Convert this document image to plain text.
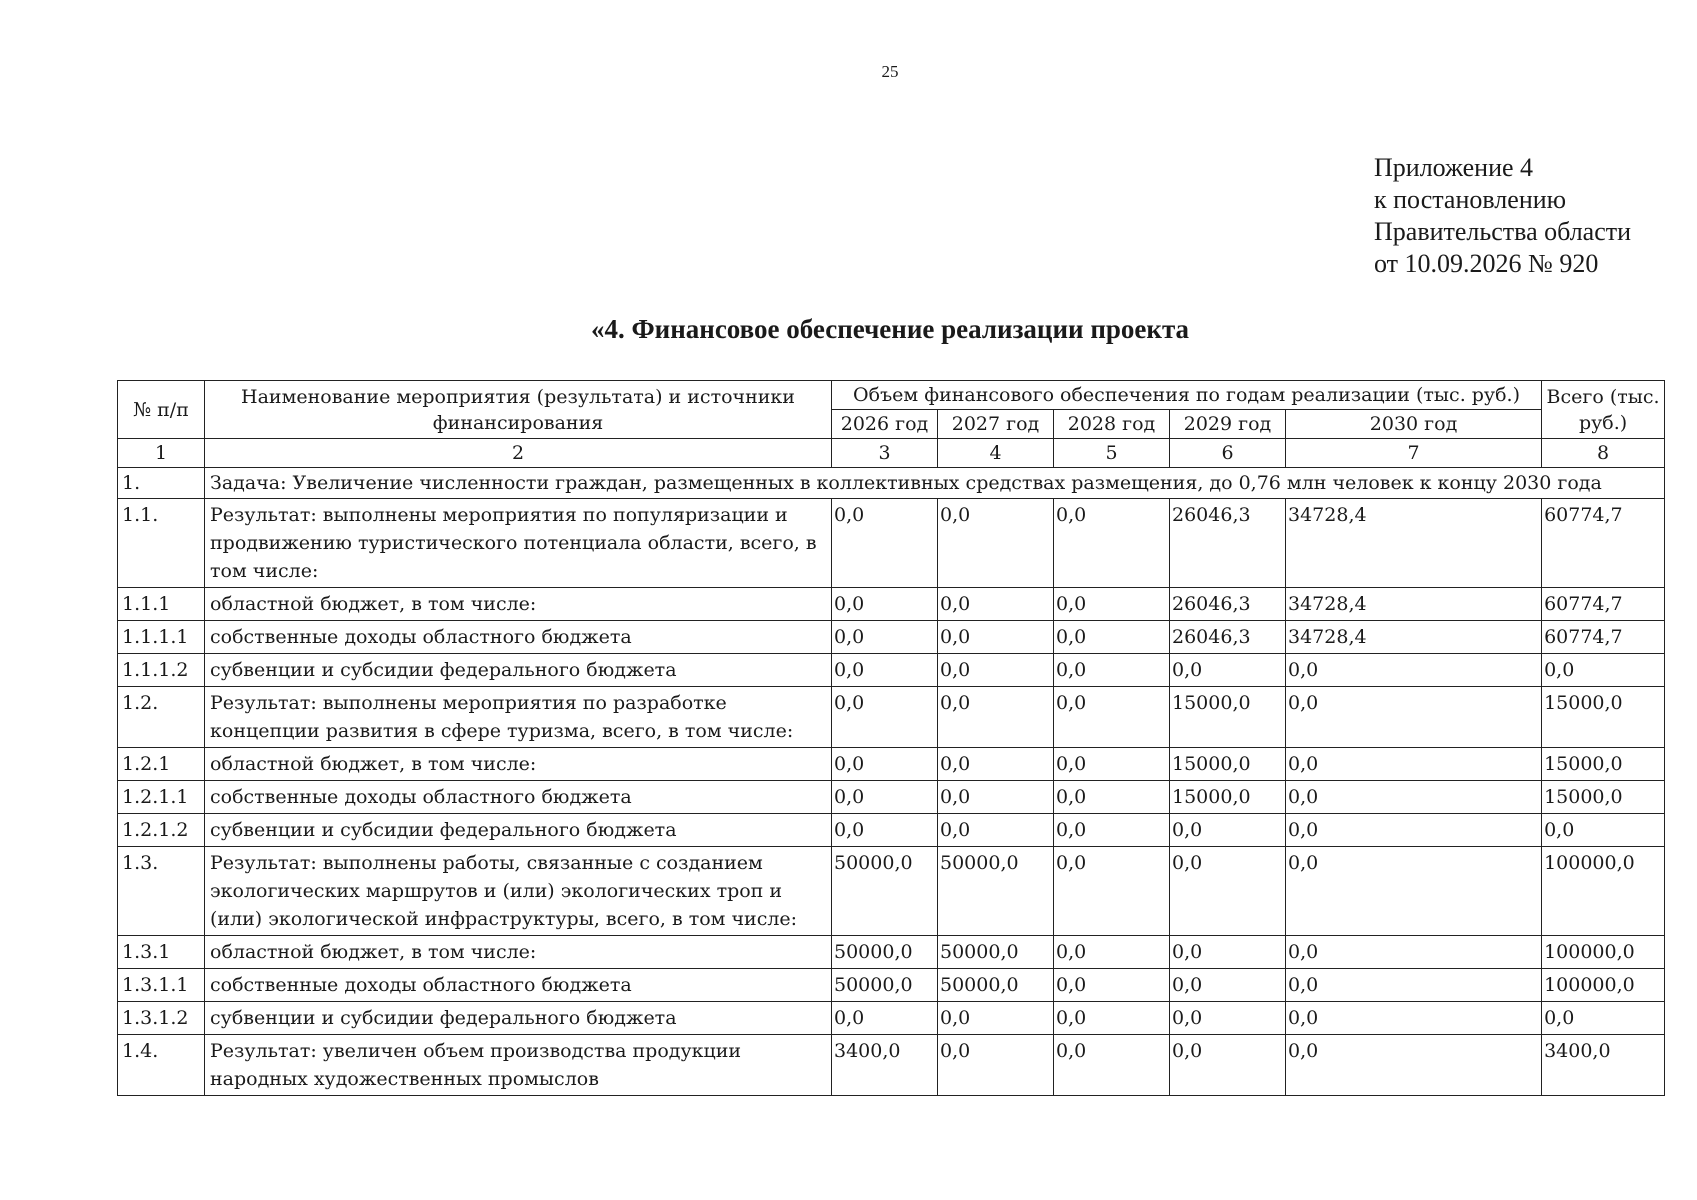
25
Приложение 4
к постановлению
Правительства области
от 10.09.2026 № 920
«4. Финансовое обеспечение реализации проекта
№ п/п	Наименование мероприятия (результата) и источники финансирования	Объем финансового обеспечения по годам реализации (тыс. руб.)					Всего (тыс. руб.)
		2026 год	2027 год	2028 год	2029 год	2030 год	
1	2	3	4	5	6	7	8
1.	Задача: Увеличение численности граждан, размещенных в коллективных средствах размещения, до 0,76 млн человек к концу 2030 года						
1.1.	Результат: выполнены мероприятия по популяризации и продвижению туристического потенциала области, всего, в том числе:	0,0	0,0	0,0	26046,3	34728,4	60774,7
1.1.1	областной бюджет, в том числе:	0,0	0,0	0,0	26046,3	34728,4	60774,7
1.1.1.1	собственные доходы областного бюджета	0,0	0,0	0,0	26046,3	34728,4	60774,7
1.1.1.2	субвенции и субсидии федерального бюджета	0,0	0,0	0,0	0,0	0,0	0,0
1.2.	Результат: выполнены мероприятия по разработке концепции развития в сфере туризма, всего, в том числе:	0,0	0,0	0,0	15000,0	0,0	15000,0
1.2.1	областной бюджет, в том числе:	0,0	0,0	0,0	15000,0	0,0	15000,0
1.2.1.1	собственные доходы областного бюджета	0,0	0,0	0,0	15000,0	0,0	15000,0
1.2.1.2	субвенции и субсидии федерального бюджета	0,0	0,0	0,0	0,0	0,0	0,0
1.3.	Результат: выполнены работы, связанные с созданием экологических маршрутов и (или) экологических троп и (или) экологической инфраструктуры, всего, в том числе:	50000,0	50000,0	0,0	0,0	0,0	100000,0
1.3.1	областной бюджет, в том числе:	50000,0	50000,0	0,0	0,0	0,0	100000,0
1.3.1.1	собственные доходы областного бюджета	50000,0	50000,0	0,0	0,0	0,0	100000,0
1.3.1.2	субвенции и субсидии федерального бюджета	0,0	0,0	0,0	0,0	0,0	0,0
1.4.	Результат: увеличен объем производства продукции народных художественных промыслов	3400,0	0,0	0,0	0,0	0,0	3400,0
